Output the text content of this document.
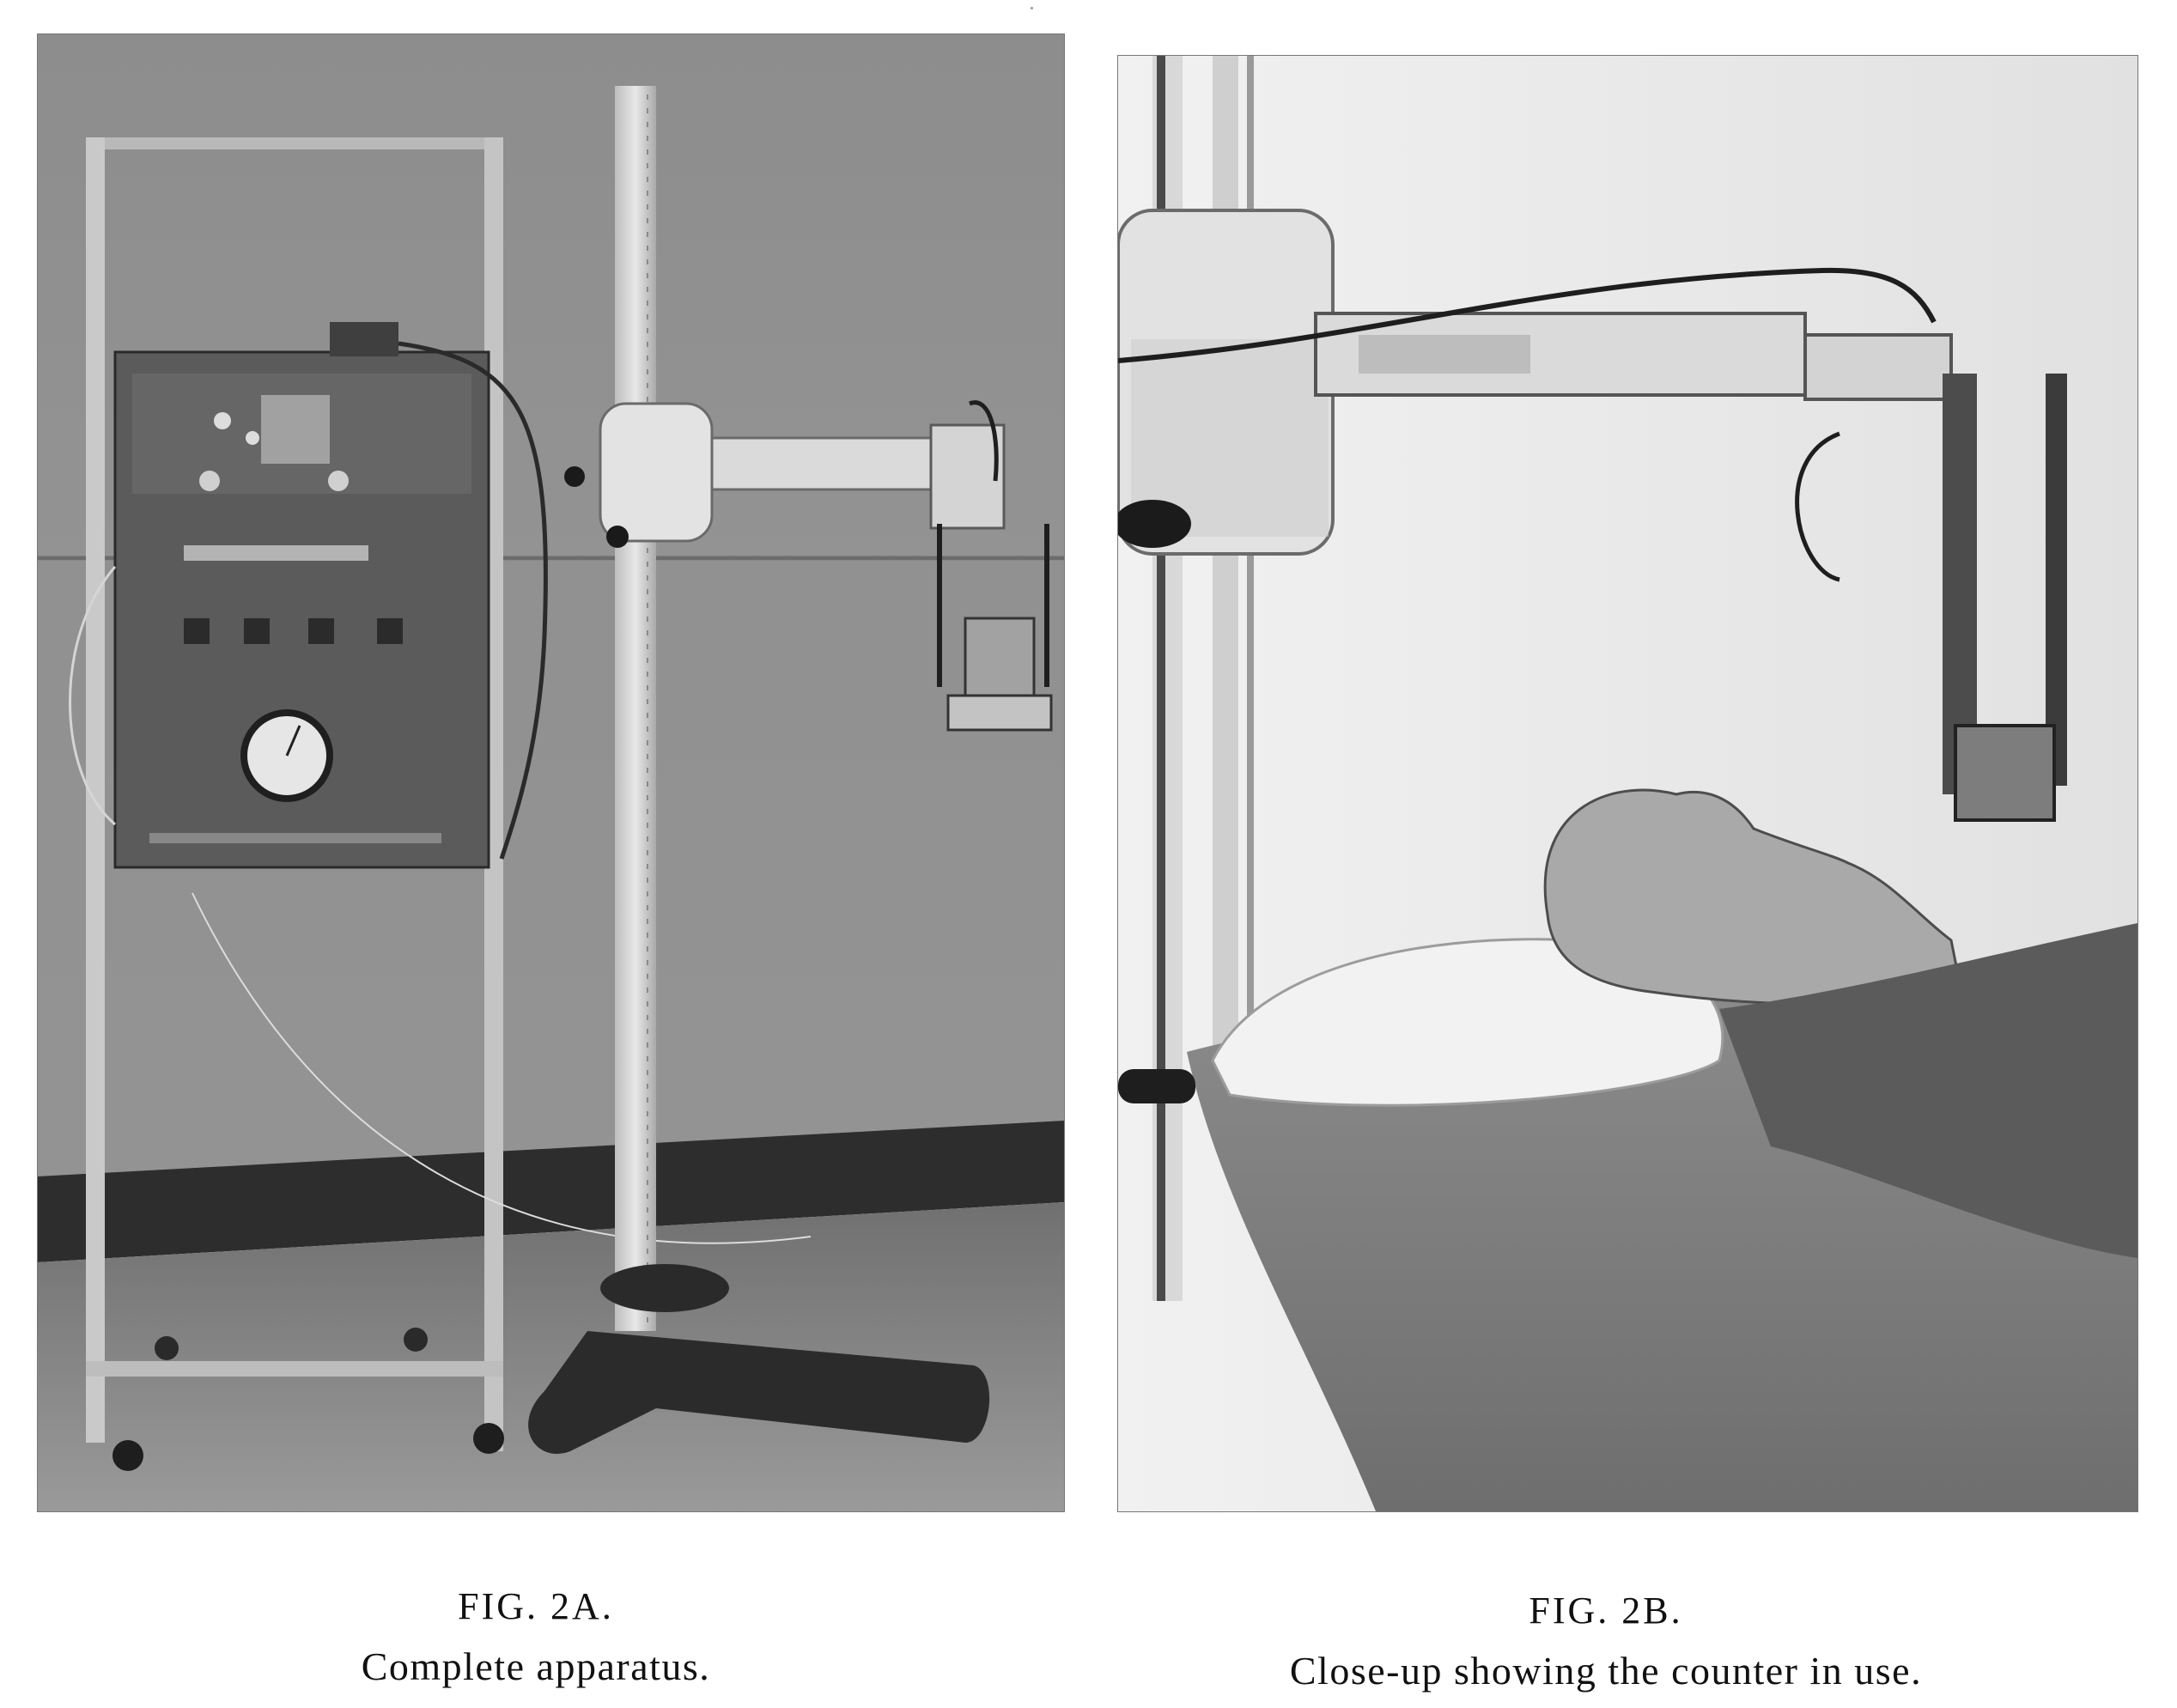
FIG. 2A.
Complete apparatus.
FIG. 2B.
Close-up showing the counter in use.
